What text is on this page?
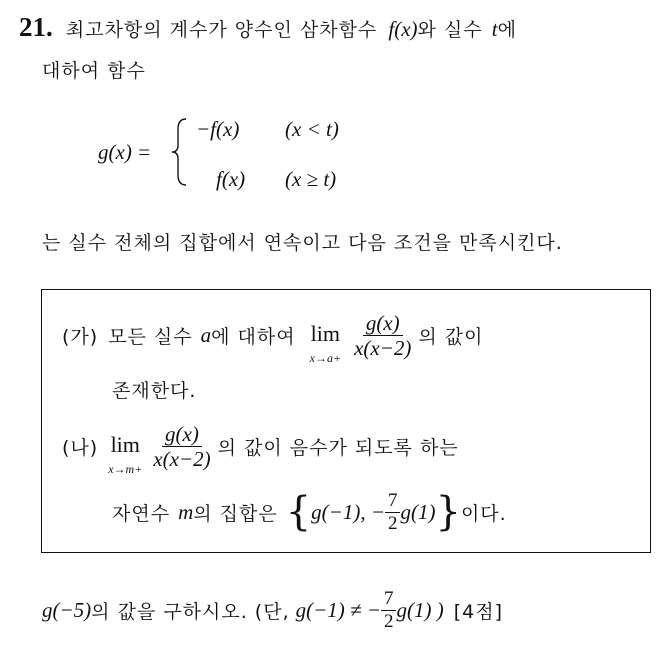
21. 최고차항의 계수가 양수인 삼차함수 f(x)와 실수 t에
대하여 함수
g(x) =
−f(x) (x < t)
f(x) (x ≥ t)
는 실수 전체의 집합에서 연속이고 다음 조건을 만족시킨다.
(가) 모든 실수 a 에 대하여 lim
$x\to a+ \frac{g(x)}{x(x-2)}$ 의 값이
존재한다.
(나) lim
$x\to m+ \frac{g(x)}{x(x-2)}$ 의 값이 음수가 되도록 하는
자연수 m 의 집합은 { g(−1), − $\frac{7}{2} g(1)$ } 이다.
g(−5) 의 값을 구하시오. (단, g(−1) ≠ − $\frac{7}{2} g(1)$ ) [4점]
